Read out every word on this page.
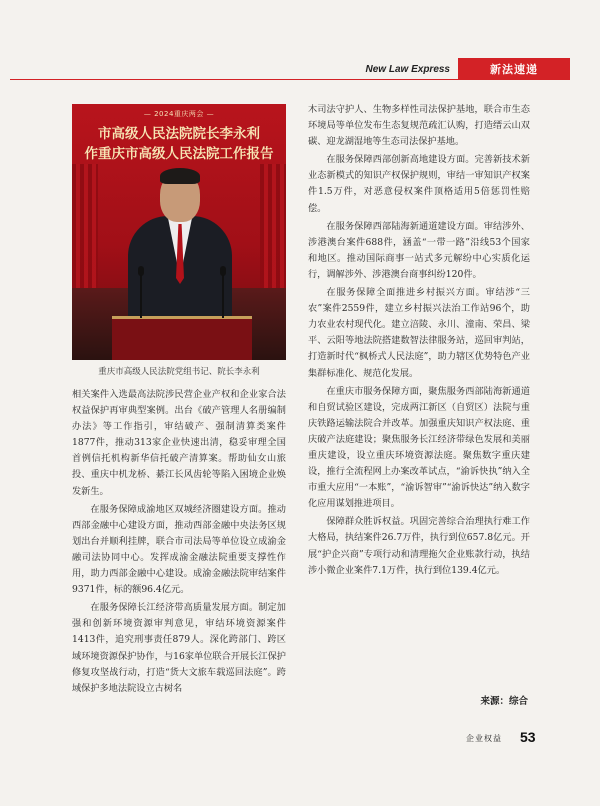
New Law Express	新法速递
— 2024重庆两会 —
市高级人民法院院长李永利
作重庆市高级人民法院工作报告
重庆市高级人民法院党组书记、院长李永利

相关案件入选最高法院涉民营企业产权和企业家合法权益保护再审典型案例。出台《破产管理人名册编制办法》等工作指引，审结破产、强制清算类案件1877件，推动313家企业快速出清，稳妥审理全国首例信托机构新华信托破产清算案。帮助仙女山旅投、重庆中机龙桥、綦江长风齿轮等陷入困境企业焕发新生。

在服务保障成渝地区双城经济圈建设方面。推动西部金融中心建设方面，推动西部金融中央法务区规划出台并顺利挂牌，联合市司法局等单位设立成渝金融司法协同中心。发挥成渝金融法院重要支撑性作用，助力西部金融中心建设。成渝金融法院审结案件9371件，标的额96.4亿元。

在服务保障长江经济带高质量发展方面。制定加强和创新环境资源审判意见，审结环境资源案件1413件，追究刑事责任879人。深化跨部门、跨区域环境资源保护协作，与16家单位联合开展长江保护修复攻坚战行动，打造“货大文旅车载巡回法庭”。跨域保护多地法院设立古树名

木司法守护人、生物多样性司法保护基地，联合市生态环境局等单位发布生态复规范疏汇认购，打造缙云山双碳、迎龙湖湿地等生态司法保护基地。

在服务保障西部创新高地建设方面。完善新技术新业态新模式的知识产权保护规则，审结一审知识产权案件1.5万件，对恶意侵权案件顶格适用5倍惩罚性赔偿。

在服务保障西部陆海新通道建设方面。审结涉外、涉港澳台案件688件，涵盖“一带一路”沿线53个国家和地区。推动国际商事一站式多元解纷中心实质化运行，调解涉外、涉港澳台商事纠纷120件。

在服务保障全面推进乡村振兴方面。审结涉“三农”案件2559件，建立乡村振兴法治工作站96个，助力农业农村现代化。建立涪陵、永川、潼南、荣昌、梁平、云阳等地法院搭建数智法律服务站，巡回审判站，打造新时代“枫桥式人民法庭”，助力辖区优势特色产业集群标准化、规范化发展。

在重庆市服务保障方面，聚焦服务西部陆海新通道和自贸试验区建设，完成两江新区（自贸区）法院与重庆铁路运输法院合并改革。加强重庆知识产权法庭、重庆破产法庭建设；聚焦服务长江经济带绿色发展和美丽重庆建设，设立重庆环境资源法庭。聚焦数字重庆建设，推行全流程网上办案改革试点，“渝诉快执”纳入全市重大应用“一本账”，“渝诉智审”“渝诉快达”纳入数字化应用谋划推进项目。

保障群众胜诉权益。巩固完善综合治理执行难工作大格局，执结案件26.7万件，执行到位657.8亿元。开展“护企兴商”专项行动和清理拖欠企业账款行动，执结涉小微企业案件7.1万件，执行到位139.4亿元。

来源：综合
企业权益 53
